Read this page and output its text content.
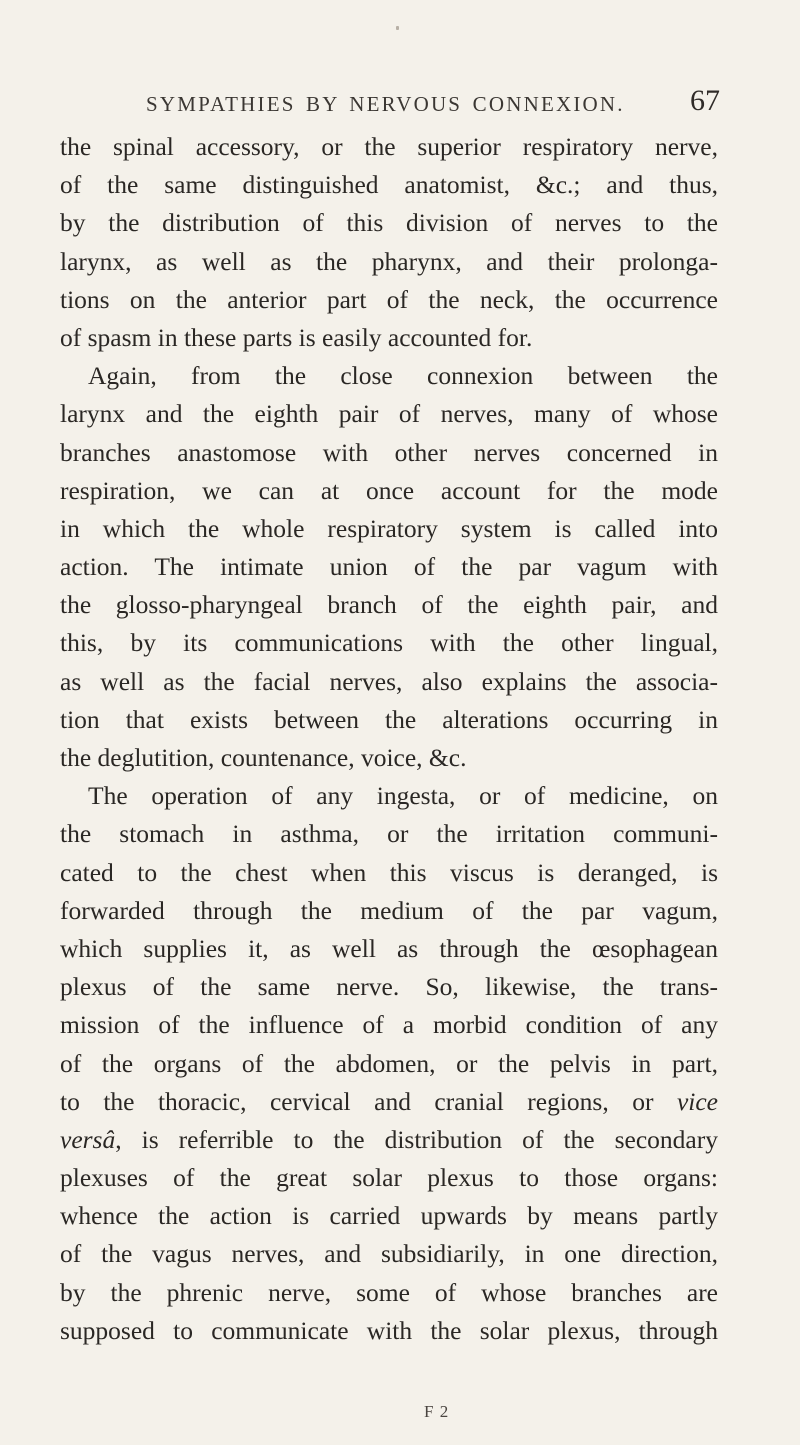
SYMPATHIES BY NERVOUS CONNEXION. 67
the spinal accessory, or the superior respiratory nerve,
of the same distinguished anatomist, &c.; and thus,
by the distribution of this division of nerves to the
larynx, as well as the pharynx, and their prolonga-
tions on the anterior part of the neck, the occurrence
of spasm in these parts is easily accounted for.
Again, from the close connexion between the
larynx and the eighth pair of nerves, many of whose
branches anastomose with other nerves concerned in
respiration, we can at once account for the mode
in which the whole respiratory system is called into
action. The intimate union of the par vagum with
the glosso-pharyngeal branch of the eighth pair, and
this, by its communications with the other lingual,
as well as the facial nerves, also explains the associa-
tion that exists between the alterations occurring in
the deglutition, countenance, voice, &c.
The operation of any ingesta, or of medicine, on
the stomach in asthma, or the irritation communi-
cated to the chest when this viscus is deranged, is
forwarded through the medium of the par vagum,
which supplies it, as well as through the œsophagean
plexus of the same nerve. So, likewise, the trans-
mission of the influence of a morbid condition of any
of the organs of the abdomen, or the pelvis in part,
to the thoracic, cervical and cranial regions, or vice
versâ, is referrible to the distribution of the secondary
plexuses of the great solar plexus to those organs:
whence the action is carried upwards by means partly
of the vagus nerves, and subsidiarily, in one direction,
by the phrenic nerve, some of whose branches are
supposed to communicate with the solar plexus, through
F 2
